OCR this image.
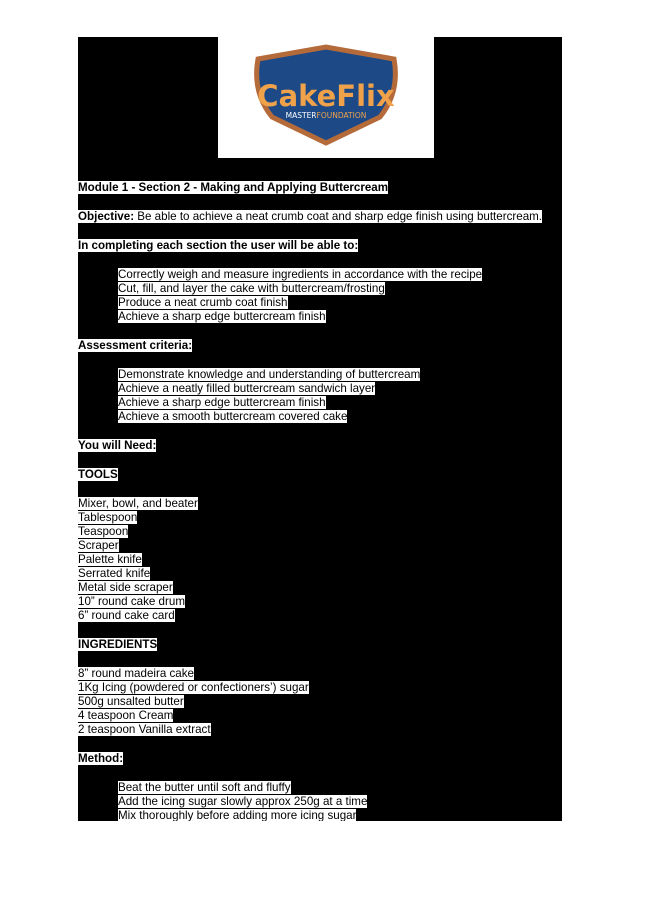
CakeFlix
MASTERFOUNDATION
Module 1 - Section 2 - Making and Applying Buttercream
Objective: Be able to achieve a neat crumb coat and sharp edge finish using buttercream.
In completing each section the user will be able to:
Correctly weigh and measure ingredients in accordance with the recipe
Cut, fill, and layer the cake with buttercream/frosting
Produce a neat crumb coat finish
Achieve a sharp edge buttercream finish
Assessment criteria:
Demonstrate knowledge and understanding of buttercream
Achieve a neatly filled buttercream sandwich layer
Achieve a sharp edge buttercream finish
Achieve a smooth buttercream covered cake
You will Need:
TOOLS
Mixer, bowl, and beater
Tablespoon
Teaspoon
Scraper
Palette knife
Serrated knife
Metal side scraper
10” round cake drum
6” round cake card
INGREDIENTS
8” round madeira cake
1Kg Icing (powdered or confectioners’) sugar
500g unsalted butter
4 teaspoon Cream
2 teaspoon Vanilla extract
Method:
Beat the butter until soft and fluffy
Add the icing sugar slowly approx 250g at a time
Mix thoroughly before adding more icing sugar
